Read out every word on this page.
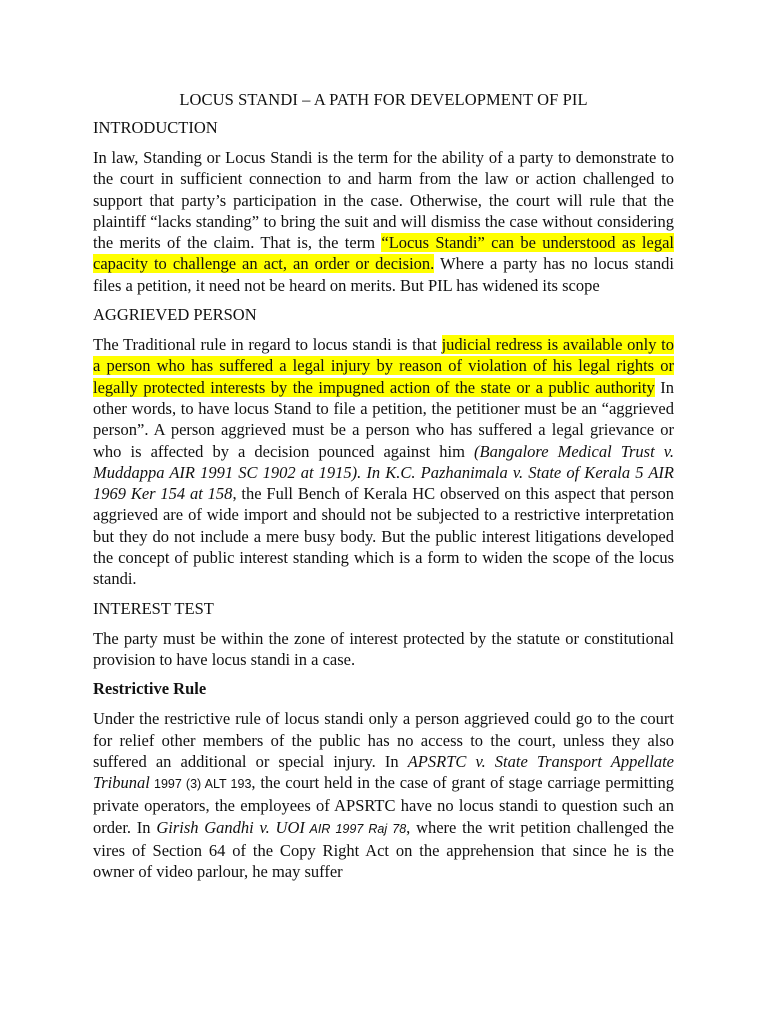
LOCUS STANDI – A PATH FOR DEVELOPMENT OF PIL
INTRODUCTION

In law, Standing or Locus Standi is the term for the ability of a party to demonstrate to the court in sufficient connection to and harm from the law or action challenged to support that party’s participation in the case. Otherwise, the court will rule that the plaintiff “lacks standing” to bring the suit and will dismiss the case without considering the merits of the claim. That is, the term “Locus Standi” can be understood as legal capacity to challenge an act, an order or decision. Where a party has no locus standi files a petition, it need not be heard on merits. But PIL has widened its scope

AGGRIEVED PERSON

The Traditional rule in regard to locus standi is that judicial redress is available only to a person who has suffered a legal injury by reason of violation of his legal rights or legally protected interests by the impugned action of the state or a public authority In other words, to have locus Stand to file a petition, the petitioner must be an “aggrieved person”. A person aggrieved must be a person who has suffered a legal grievance or who is affected by a decision pounced against him (Bangalore Medical Trust v. Muddappa AIR 1991 SC 1902 at 1915). In K.C. Pazhanimala v. State of Kerala 5 AIR 1969 Ker 154 at 158, the Full Bench of Kerala HC observed on this aspect that person aggrieved are of wide import and should not be subjected to a restrictive interpretation but they do not include a mere busy body. But the public interest litigations developed the concept of public interest standing which is a form to widen the scope of the locus standi.

INTEREST TEST

The party must be within the zone of interest protected by the statute or constitutional provision to have locus standi in a case.

Restrictive Rule

Under the restrictive rule of locus standi only a person aggrieved could go to the court for relief other members of the public has no access to the court, unless they also suffered an additional or special injury. In APSRTC v. State Transport Appellate Tribunal 1997 (3) ALT 193, the court held in the case of grant of stage carriage permitting private operators, the employees of APSRTC have no locus standi to question such an order. In Girish Gandhi v. UOI AIR 1997 Raj 78, where the writ petition challenged the vires of Section 64 of the Copy Right Act on the apprehension that since he is the owner of video parlour, he may suffer
